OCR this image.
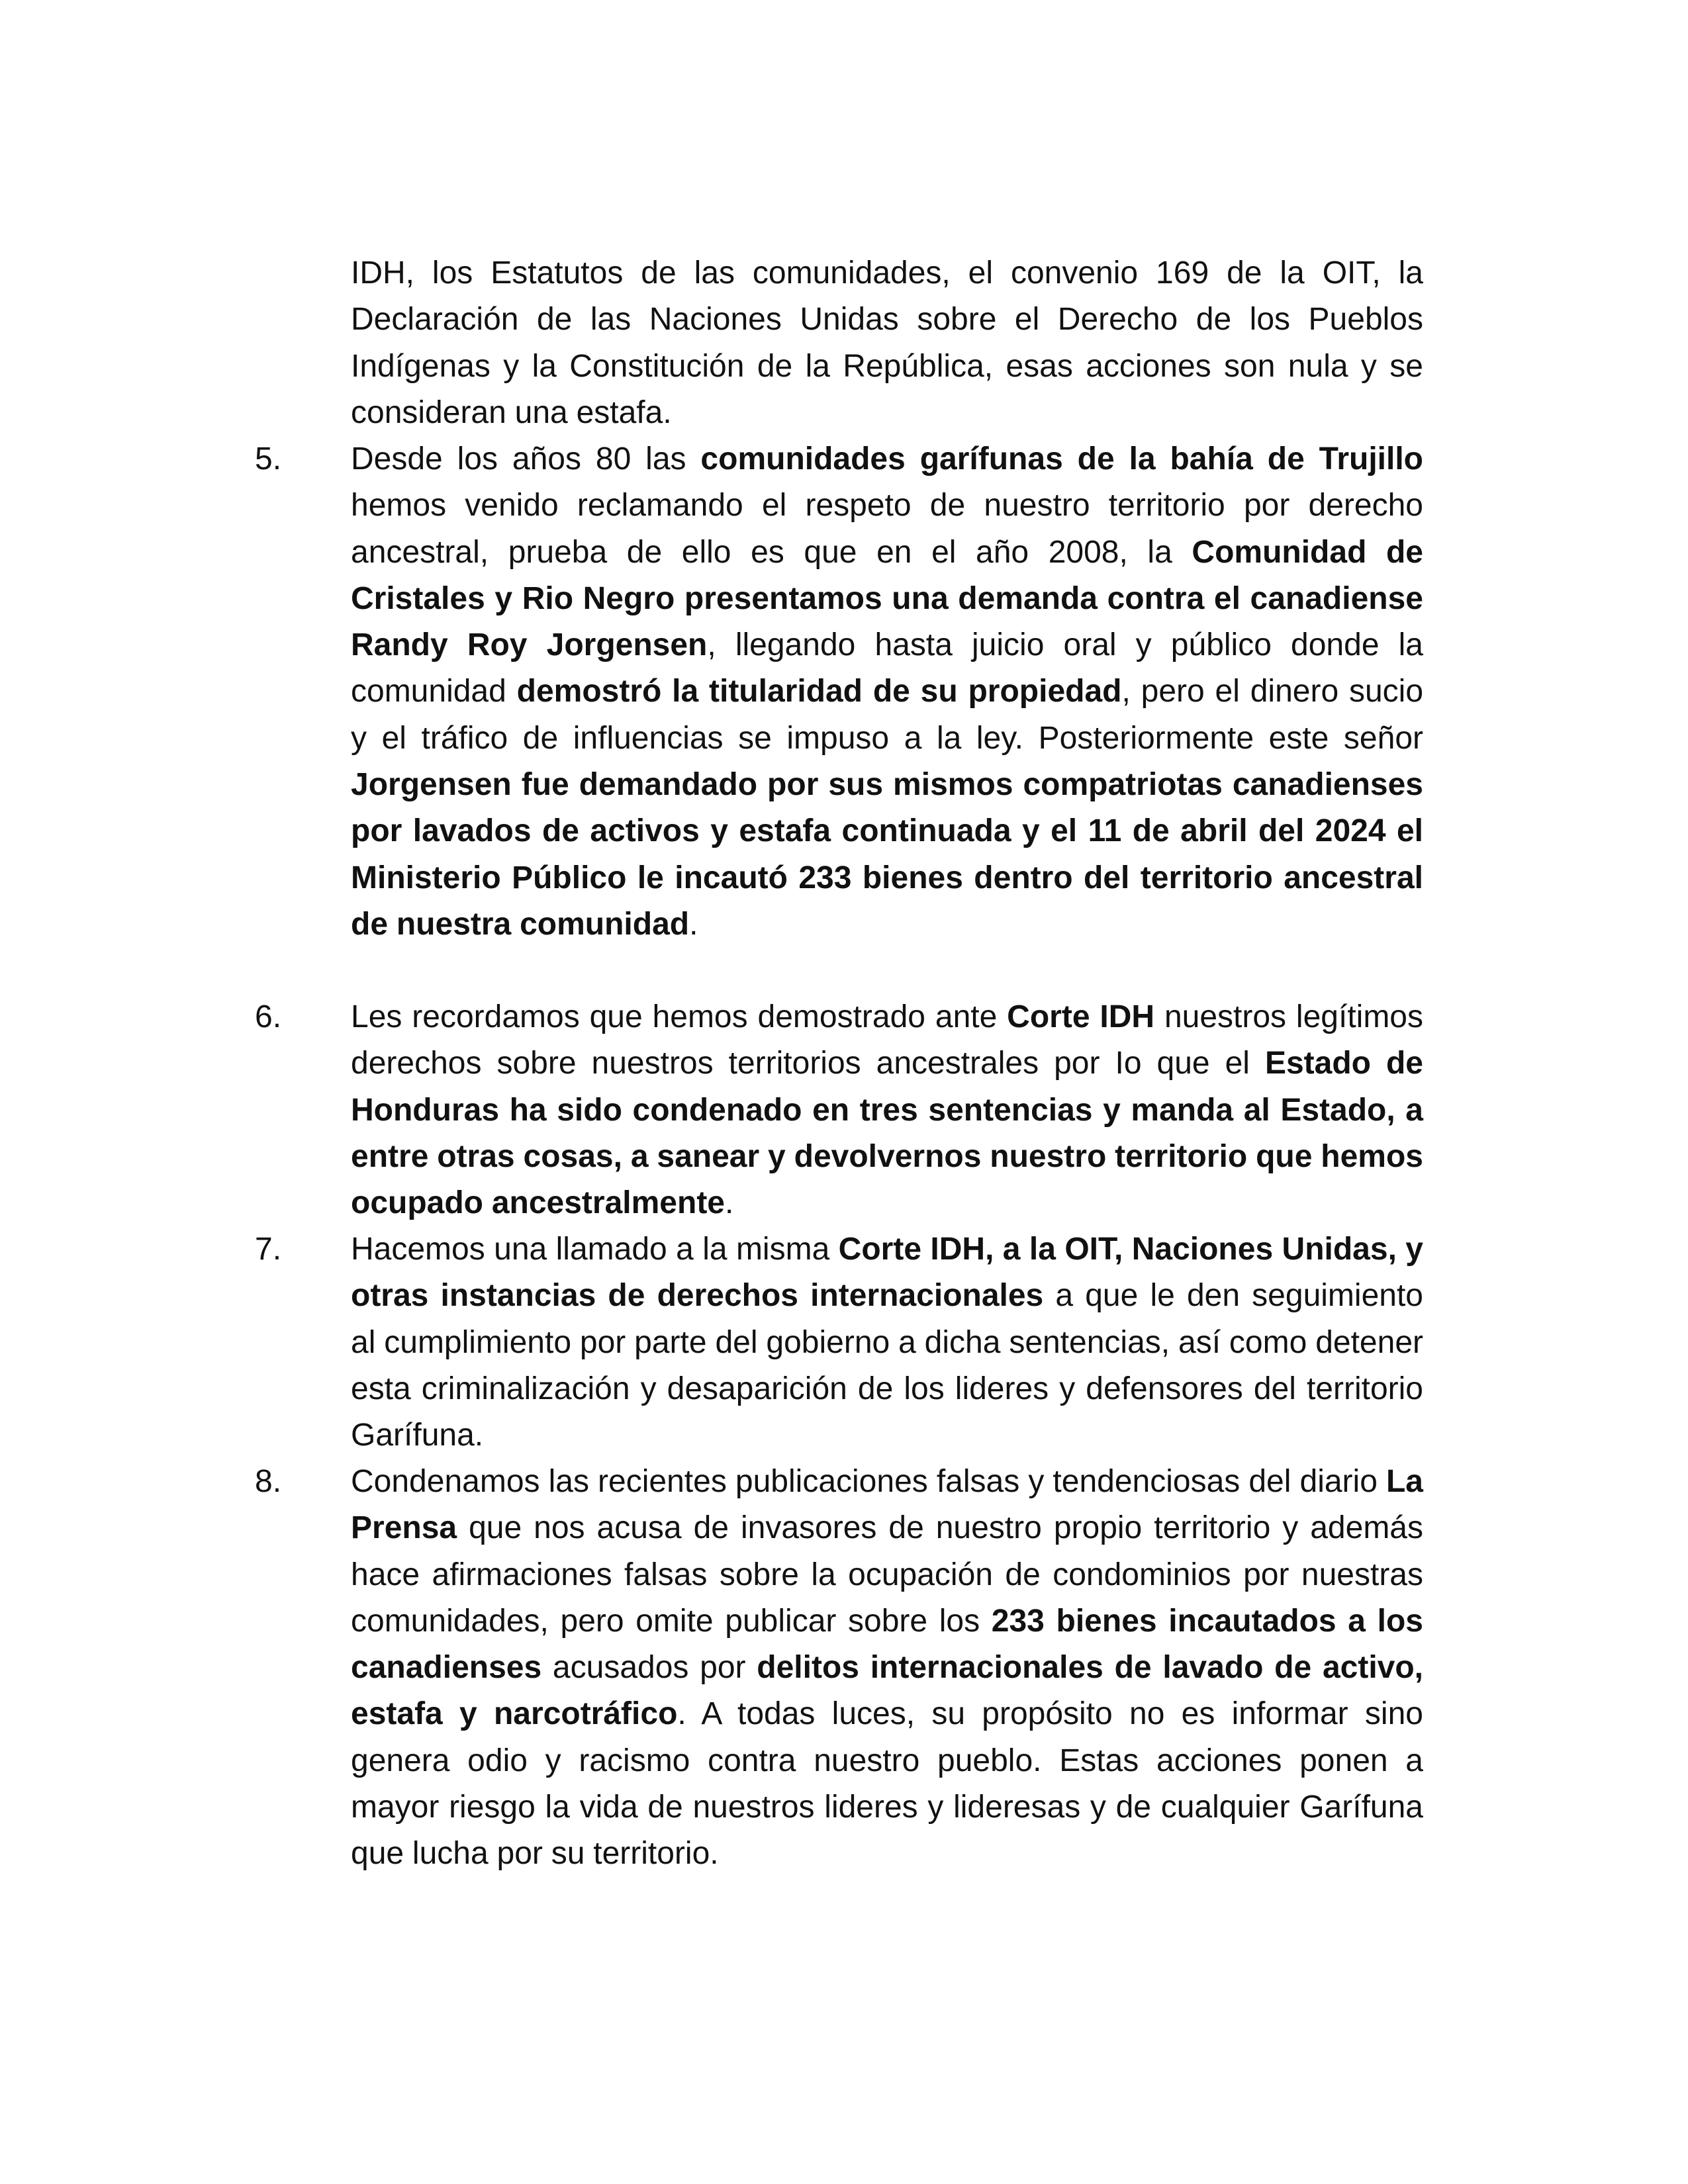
IDH, los Estatutos de las comunidades, el convenio 169 de la OIT, la Declaración de las Naciones Unidas sobre el Derecho de los Pueblos Indígenas y la Constitución de la República, esas acciones son nula y se consideran una estafa.
5. Desde los años 80 las comunidades garífunas de la bahía de Trujillo hemos venido reclamando el respeto de nuestro territorio por derecho ancestral, prueba de ello es que en el año 2008, la Comunidad de Cristales y Rio Negro presentamos una demanda contra el canadiense Randy Roy Jorgensen, llegando hasta juicio oral y público donde la comunidad demostró la titularidad de su propiedad, pero el dinero sucio y el tráfico de influencias se impuso a la ley. Posteriormente este señor Jorgensen fue demandado por sus mismos compatriotas canadienses por lavados de activos y estafa continuada y el 11 de abril del 2024 el Ministerio Público le incautó 233 bienes dentro del territorio ancestral de nuestra comunidad.
6. Les recordamos que hemos demostrado ante Corte IDH nuestros legítimos derechos sobre nuestros territorios ancestrales por Io que el Estado de Honduras ha sido condenado en tres sentencias y manda al Estado, a entre otras cosas, a sanear y devolvernos nuestro territorio que hemos ocupado ancestralmente.
7. Hacemos una llamado a la misma Corte IDH, a la OIT, Naciones Unidas, y otras instancias de derechos internacionales a que le den seguimiento al cumplimiento por parte del gobierno a dicha sentencias, así como detener esta criminalización y desaparición de los lideres y defensores del territorio Garífuna.
8. Condenamos las recientes publicaciones falsas y tendenciosas del diario La Prensa que nos acusa de invasores de nuestro propio territorio y además hace afirmaciones falsas sobre la ocupación de condominios por nuestras comunidades, pero omite publicar sobre los 233 bienes incautados a los canadienses acusados por delitos internacionales de lavado de activo, estafa y narcotráfico. A todas luces, su propósito no es informar sino genera odio y racismo contra nuestro pueblo. Estas acciones ponen a mayor riesgo la vida de nuestros lideres y lideresas y de cualquier Garífuna que lucha por su territorio.
